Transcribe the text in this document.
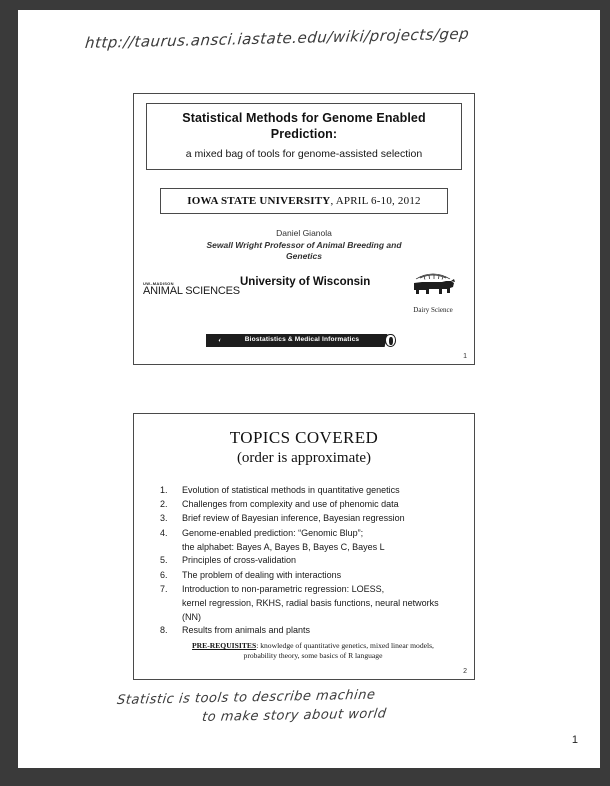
http://taurus.ansci.iastate.edu/wiki/projects/gep
Statistical Methods for Genome Enabled
Prediction:
a mixed bag of tools for genome-assisted selection
IOWA STATE UNIVERSITY, APRIL 6-10, 2012
Daniel Gianola
Sewall Wright Professor of Animal Breeding and Genetics
UW–MADISON
ANIMAL SCIENCES
University of Wisconsin
Dairy Science
Biostatistics & Medical Informatics
1
TOPICS COVERED
(order is approximate)
1.	Evolution of statistical methods in quantitative genetics
2.	Challenges from complexity and use of phenomic data
3.	Brief review of Bayesian inference, Bayesian regression
4.	Genome-enabled prediction: “Genomic Blup”;
the alphabet: Bayes A, Bayes B, Bayes C, Bayes L
5.	Principles of cross-validation
6.	The problem of dealing with interactions
7.	Introduction to non-parametric regression: LOESS,
kernel regression, RKHS, radial basis functions, neural networks (NN)
8.	Results from animals and plants
PRE-REQUISITES: knowledge of quantitative genetics, mixed linear models, probability theory, some basics of R language
2
Statistic is tools to describe machine
to make story about world
1
